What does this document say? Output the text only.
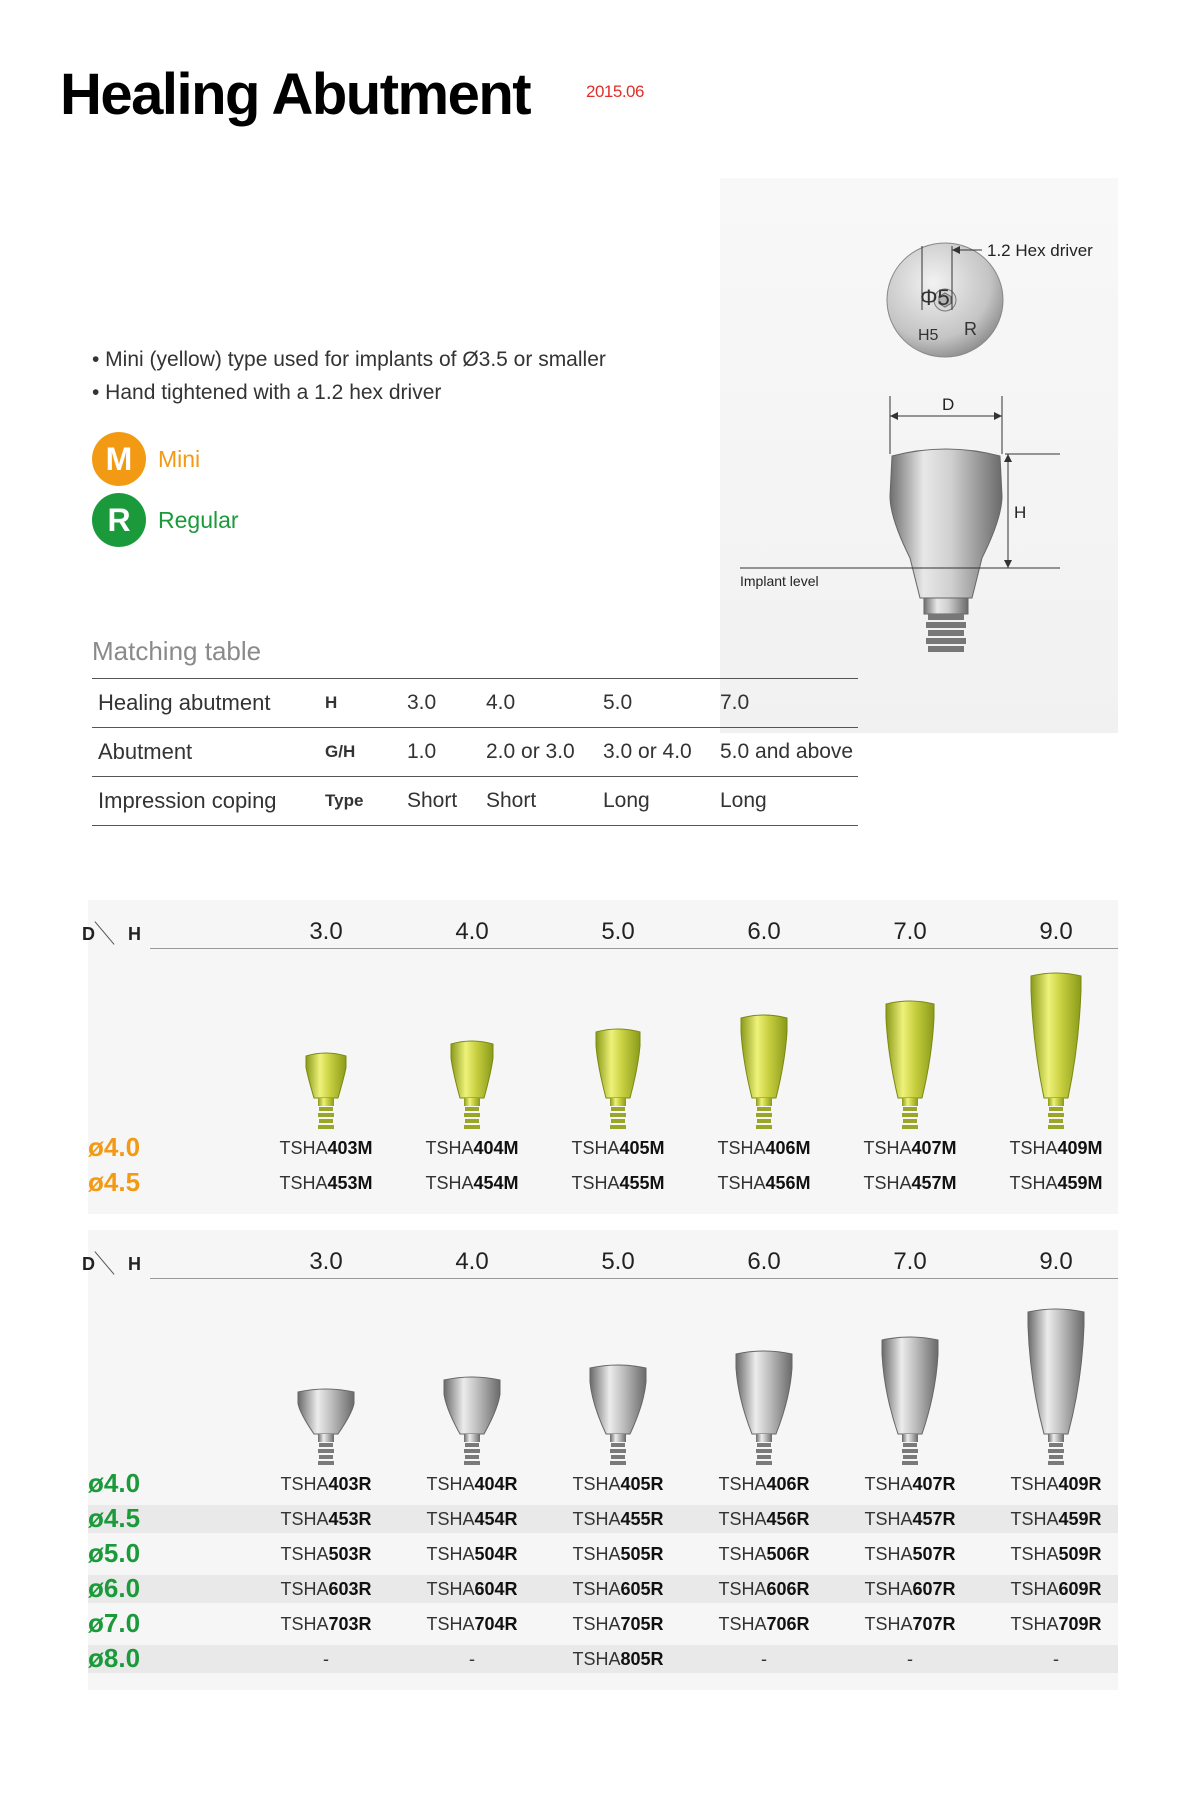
Healing Abutment	2015.06
• Mini (yellow) type used for implants of Ø3.5 or smaller
• Hand tightened with a 1.2 hex driver
M	Mini
R	Regular
Φ5
R
H5
1.2 Hex driver
D
H
Implant level
Matching table
Healing abutment	H	3.0	4.0	5.0	7.0
Abutment	G/H	1.0	2.0 or 3.0	3.0 or 4.0	5.0 and above
Impression coping	Type	Short	Short	Long	Long
D H	3.0	4.0	5.0	6.0	7.0	9.0
ø4.0	TSHA403M	TSHA404M	TSHA405M	TSHA406M	TSHA407M	TSHA409M
ø4.5	TSHA453M	TSHA454M	TSHA455M	TSHA456M	TSHA457M	TSHA459M
D H	3.0	4.0	5.0	6.0	7.0	9.0
ø4.0	TSHA403R	TSHA404R	TSHA405R	TSHA406R	TSHA407R	TSHA409R
ø4.5	TSHA453R	TSHA454R	TSHA455R	TSHA456R	TSHA457R	TSHA459R
ø5.0	TSHA503R	TSHA504R	TSHA505R	TSHA506R	TSHA507R	TSHA509R
ø6.0	TSHA603R	TSHA604R	TSHA605R	TSHA606R	TSHA607R	TSHA609R
ø7.0	TSHA703R	TSHA704R	TSHA705R	TSHA706R	TSHA707R	TSHA709R
ø8.0	-	-	TSHA805R	-	-	-
